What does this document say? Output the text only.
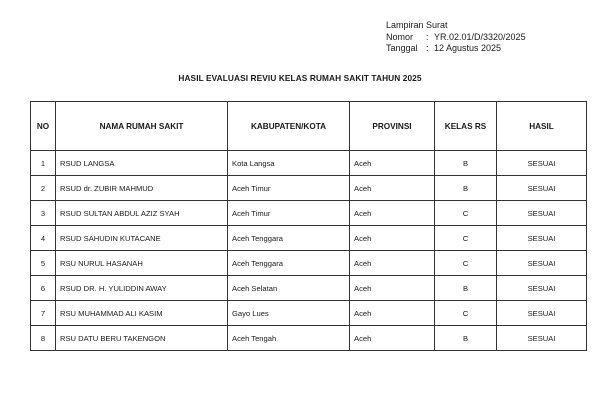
Lampiran Surat
Nomor	: YR.02.01/D/3320/2025
Tanggal : 12 Agustus 2025
HASIL EVALUASI REVIU KELAS RUMAH SAKIT TAHUN 2025
NO	NAMA RUMAH SAKIT	KABUPATEN/KOTA	PROVINSI	KELAS RS	HASIL
1	RSUD LANGSA	Kota Langsa	Aceh	B	SESUAI
2	RSUD dr. ZUBIR MAHMUD	Aceh Timur	Aceh	B	SESUAI
3	RSUD SULTAN ABDUL AZIZ SYAH	Aceh Timur	Aceh	C	SESUAI
4	RSUD SAHUDIN KUTACANE	Aceh Tenggara	Aceh	C	SESUAI
5	RSU NURUL HASANAH	Aceh Tenggara	Aceh	C	SESUAI
6	RSUD DR. H. YULIDDIN AWAY	Aceh Selatan	Aceh	B	SESUAI
7	RSU MUHAMMAD ALI KASIM	Gayo Lues	Aceh	C	SESUAI
8	RSU DATU BERU TAKENGON	Aceh Tengah	Aceh	B	SESUAI
